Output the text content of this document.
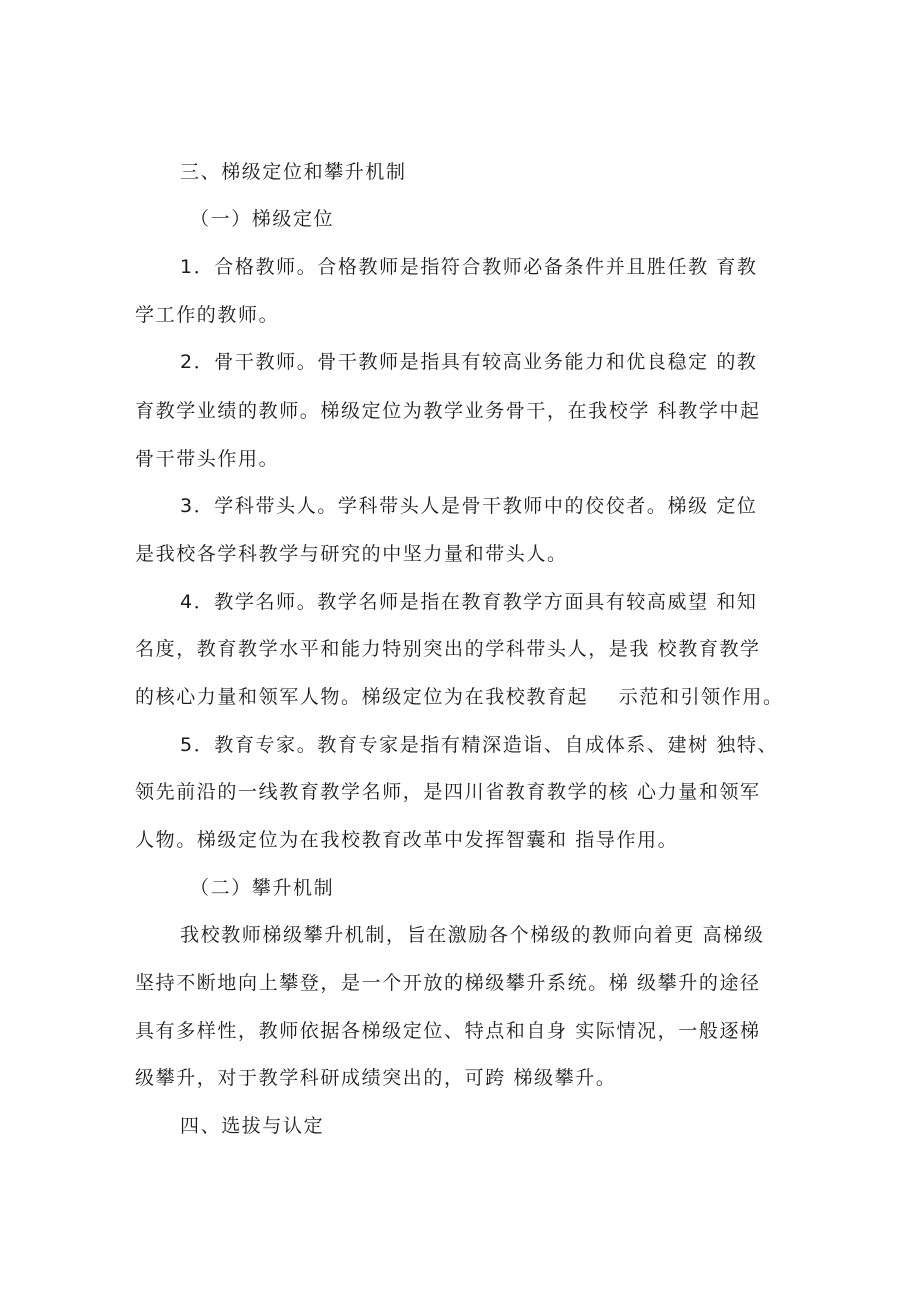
三、梯级定位和攀升机制
（一）梯级定位
1．合格教师。合格教师是指符合教师必备条件并且胜任教 育教
学工作的教师。
2．骨干教师。骨干教师是指具有较高业务能力和优良稳定 的教
育教学业绩的教师。梯级定位为教学业务骨干，在我校学 科教学中起
骨干带头作用。
3．学科带头人。学科带头人是骨干教师中的佼佼者。梯级 定位
是我校各学科教学与研究的中坚力量和带头人。
4．教学名师。教学名师是指在教育教学方面具有较高威望 和知
名度，教育教学水平和能力特别突出的学科带头人，是我 校教育教学
的核心力量和领军人物。梯级定位为在我校教育起    示范和引领作用。
5．教育专家。教育专家是指有精深造诣、自成体系、建树 独特、
领先前沿的一线教育教学名师，是四川省教育教学的核 心力量和领军
人物。梯级定位为在我校教育改革中发挥智囊和 指导作用。
（二）攀升机制
我校教师梯级攀升机制，旨在激励各个梯级的教师向着更 高梯级
坚持不断地向上攀登，是一个开放的梯级攀升系统。梯 级攀升的途径
具有多样性，教师依据各梯级定位、特点和自身 实际情况，一般逐梯
级攀升，对于教学科研成绩突出的，可跨 梯级攀升。
四、选拔与认定
